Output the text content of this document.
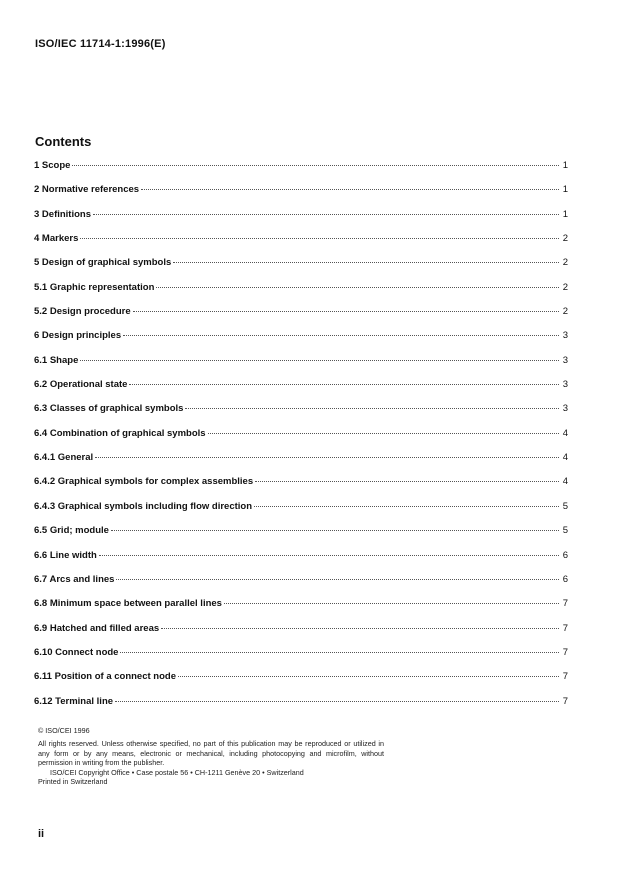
ISO/IEC 11714-1:1996(E)
Contents
1 Scope	1
2 Normative references	1
3 Definitions	1
4 Markers	2
5 Design of graphical symbols	2
5.1 Graphic representation	2
5.2 Design procedure	2
6 Design principles	3
6.1 Shape	3
6.2 Operational state	3
6.3 Classes of graphical symbols	3
6.4 Combination of graphical symbols	4
6.4.1 General	4
6.4.2 Graphical symbols for complex assemblies	4
6.4.3 Graphical symbols including flow direction	5
6.5 Grid; module	5
6.6 Line width	6
6.7 Arcs and lines	6
6.8 Minimum space between parallel lines	7
6.9 Hatched and filled areas	7
6.10 Connect node	7
6.11 Position of a connect node	7
6.12 Terminal line	7
© ISO/CEI 1996
All rights reserved. Unless otherwise specified, no part of this publication may be reproduced or utilized in any form or by any means, electronic or mechanical, including photocopying and microfilm, without permission in writing from the publisher.
ISO/CEI Copyright Office • Case postale 56 • CH-1211 Genève 20 • Switzerland
Printed in Switzerland
ii
